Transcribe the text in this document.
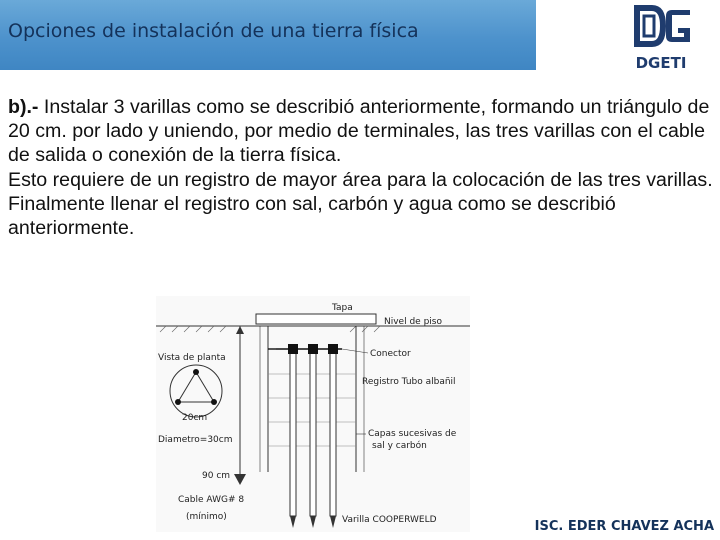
Opciones de instalación de una tierra física
DGETI

b).- Instalar 3 varillas como se describió anteriormente, formando un triángulo de 20 cm. por lado y uniendo, por medio de terminales, las tres varillas con el cable de salida o conexión de la tierra física.

Esto requiere de un registro de mayor área para la colocación de las tres varillas. Finalmente llenar el registro con sal, carbón y agua como se describió anteriormente.

Tapa
Nivel de piso
Conector
Registro Tubo albañil
Capas sucesivas de
sal y carbón
Varilla COOPERWELD
Vista de planta
20cm
Diametro=30cm
90 cm
Cable AWG# 8
(mínimo)
ISC. EDER CHAVEZ ACHA
